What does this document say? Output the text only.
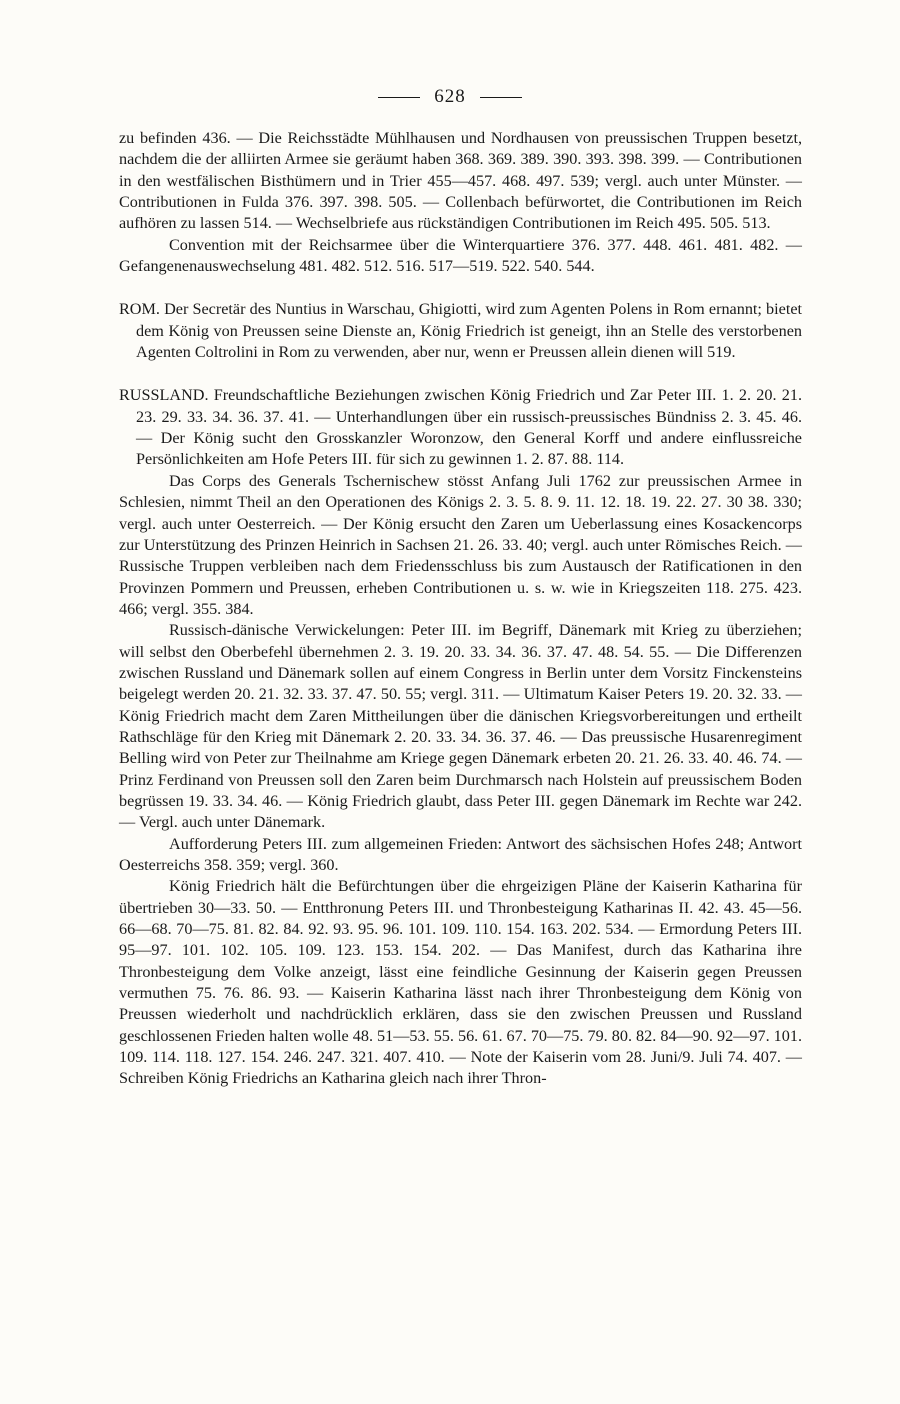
628

zu befinden 436. — Die Reichsstädte Mühlhausen und Nordhausen von preussischen Truppen besetzt, nachdem die der alliirten Armee sie geräumt haben 368. 369. 389. 390. 393. 398. 399. — Contributionen in den westfälischen Bisthümern und in Trier 455—457. 468. 497. 539; vergl. auch unter Münster. — Contributionen in Fulda 376. 397. 398. 505. — Collenbach befürwortet, die Contributionen im Reich aufhören zu lassen 514. — Wechselbriefe aus rückständigen Contributionen im Reich 495. 505. 513.

Convention mit der Reichsarmee über die Winterquartiere 376. 377. 448. 461. 481. 482. — Gefangenenauswechselung 481. 482. 512. 516. 517—519. 522. 540. 544.

ROM. Der Secretär des Nuntius in Warschau, Ghigiotti, wird zum Agenten Polens in Rom ernannt; bietet dem König von Preussen seine Dienste an, König Friedrich ist geneigt, ihn an Stelle des verstorbenen Agenten Coltrolini in Rom zu verwenden, aber nur, wenn er Preussen allein dienen will 519.

RUSSLAND. Freundschaftliche Beziehungen zwischen König Friedrich und Zar Peter III. 1. 2. 20. 21. 23. 29. 33. 34. 36. 37. 41. — Unterhandlungen über ein russisch-preussisches Bündniss 2. 3. 45. 46. — Der König sucht den Grosskanzler Woronzow, den General Korff und andere einflussreiche Persönlichkeiten am Hofe Peters III. für sich zu gewinnen 1. 2. 87. 88. 114.

Das Corps des Generals Tschernischew stösst Anfang Juli 1762 zur preussischen Armee in Schlesien, nimmt Theil an den Operationen des Königs 2. 3. 5. 8. 9. 11. 12. 18. 19. 22. 27. 30 38. 330; vergl. auch unter Oesterreich. — Der König ersucht den Zaren um Ueberlassung eines Kosackencorps zur Unterstützung des Prinzen Heinrich in Sachsen 21. 26. 33. 40; vergl. auch unter Römisches Reich. — Russische Truppen verbleiben nach dem Friedensschluss bis zum Austausch der Ratificationen in den Provinzen Pommern und Preussen, erheben Contributionen u. s. w. wie in Kriegszeiten 118. 275. 423. 466; vergl. 355. 384.

Russisch-dänische Verwickelungen: Peter III. im Begriff, Dänemark mit Krieg zu überziehen; will selbst den Oberbefehl übernehmen 2. 3. 19. 20. 33. 34. 36. 37. 47. 48. 54. 55. — Die Differenzen zwischen Russland und Dänemark sollen auf einem Congress in Berlin unter dem Vorsitz Finckensteins beigelegt werden 20. 21. 32. 33. 37. 47. 50. 55; vergl. 311. — Ultimatum Kaiser Peters 19. 20. 32. 33. — König Friedrich macht dem Zaren Mittheilungen über die dänischen Kriegsvorbereitungen und ertheilt Rathschläge für den Krieg mit Dänemark 2. 20. 33. 34. 36. 37. 46. — Das preussische Husarenregiment Belling wird von Peter zur Theilnahme am Kriege gegen Dänemark erbeten 20. 21. 26. 33. 40. 46. 74. — Prinz Ferdinand von Preussen soll den Zaren beim Durchmarsch nach Holstein auf preussischem Boden begrüssen 19. 33. 34. 46. — König Friedrich glaubt, dass Peter III. gegen Dänemark im Rechte war 242. — Vergl. auch unter Dänemark.

Aufforderung Peters III. zum allgemeinen Frieden: Antwort des sächsischen Hofes 248; Antwort Oesterreichs 358. 359; vergl. 360.

König Friedrich hält die Befürchtungen über die ehrgeizigen Pläne der Kaiserin Katharina für übertrieben 30—33. 50. — Entthronung Peters III. und Thronbesteigung Katharinas II. 42. 43. 45—56. 66—68. 70—75. 81. 82. 84. 92. 93. 95. 96. 101. 109. 110. 154. 163. 202. 534. — Ermordung Peters III. 95—97. 101. 102. 105. 109. 123. 153. 154. 202. — Das Manifest, durch das Katharina ihre Thronbesteigung dem Volke anzeigt, lässt eine feindliche Gesinnung der Kaiserin gegen Preussen vermuthen 75. 76. 86. 93. — Kaiserin Katharina lässt nach ihrer Thronbesteigung dem König von Preussen wiederholt und nachdrücklich erklären, dass sie den zwischen Preussen und Russland geschlossenen Frieden halten wolle 48. 51—53. 55. 56. 61. 67. 70—75. 79. 80. 82. 84—90. 92—97. 101. 109. 114. 118. 127. 154. 246. 247. 321. 407. 410. — Note der Kaiserin vom 28. Juni/9. Juli 74. 407. — Schreiben König Friedrichs an Katharina gleich nach ihrer Thron-
